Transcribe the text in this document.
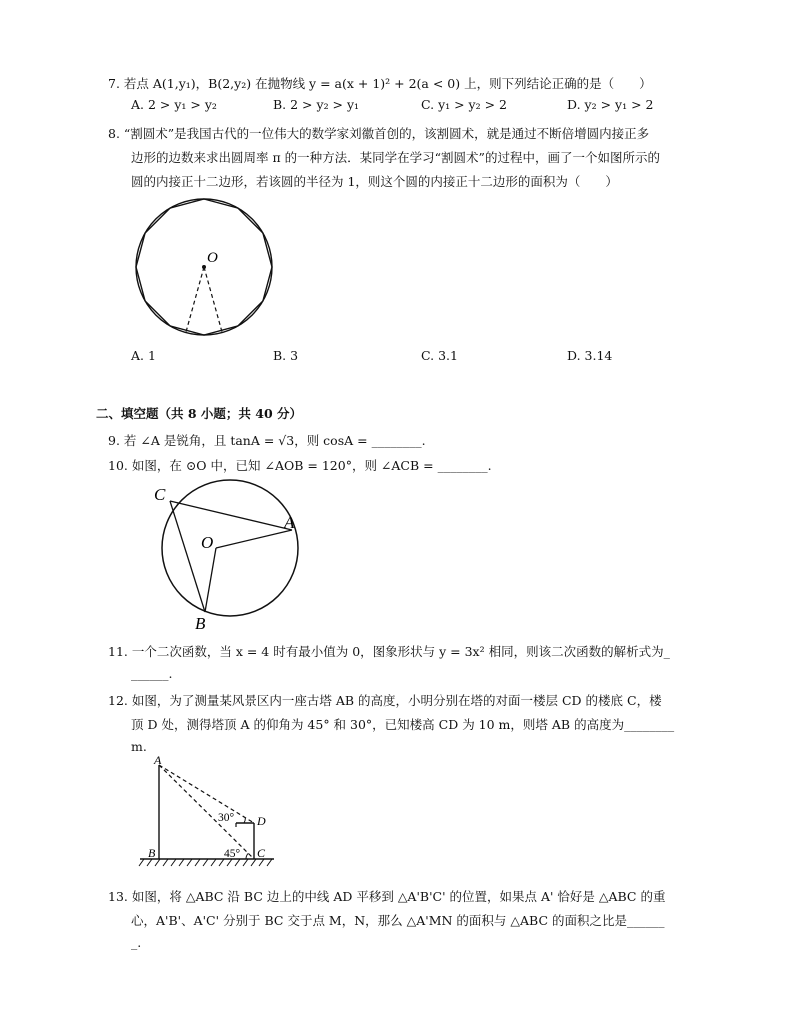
7. 若点 A(1,y₁)，B(2,y₂) 在抛物线 y = a(x + 1)² + 2(a < 0) 上，则下列结论正确的是（　　）
A. 2 > y₁ > y₂	B. 2 > y₂ > y₁	C. y₁ > y₂ > 2	D. y₂ > y₁ > 2
8. “割圆术”是我国古代的一位伟大的数学家刘徽首创的，该割圆术，就是通过不断倍增圆内接正多
边形的边数来求出圆周率 π 的一种方法．某同学在学习“割圆术”的过程中，画了一个如图所示的
圆的内接正十二边形，若该圆的半径为 1，则这个圆的内接正十二边形的面积为（　　）
O
A. 1	B. 3	C. 3.1	D. 3.14
二、填空题（共 8 小题；共 40 分）
9. 若 ∠A 是锐角，且 tanA = √3，则 cosA = ________.
10. 如图，在 ⊙O 中，已知 ∠AOB = 120°，则 ∠ACB = ________.
C
A
O
B
11. 一个二次函数，当 x = 4 时有最小值为 0，图象形状与 y = 3x² 相同，则该二次函数的解析式为_
______.
12. 如图，为了测量某风景区内一座古塔 AB 的高度，小明分别在塔的对面一楼层 CD 的楼底 C，楼
顶 D 处，测得塔顶 A 的仰角为 45° 和 30°，已知楼高 CD 为 10 m，则塔 AB 的高度为________
m.
A
B	C
D
30°
45°
13. 如图，将 △ABC 沿 BC 边上的中线 AD 平移到 △A'B'C' 的位置，如果点 A' 恰好是 △ABC 的重
心，A'B'、A'C' 分别于 BC 交于点 M，N，那么 △A'MN 的面积与 △ABC 的面积之比是______
_.
